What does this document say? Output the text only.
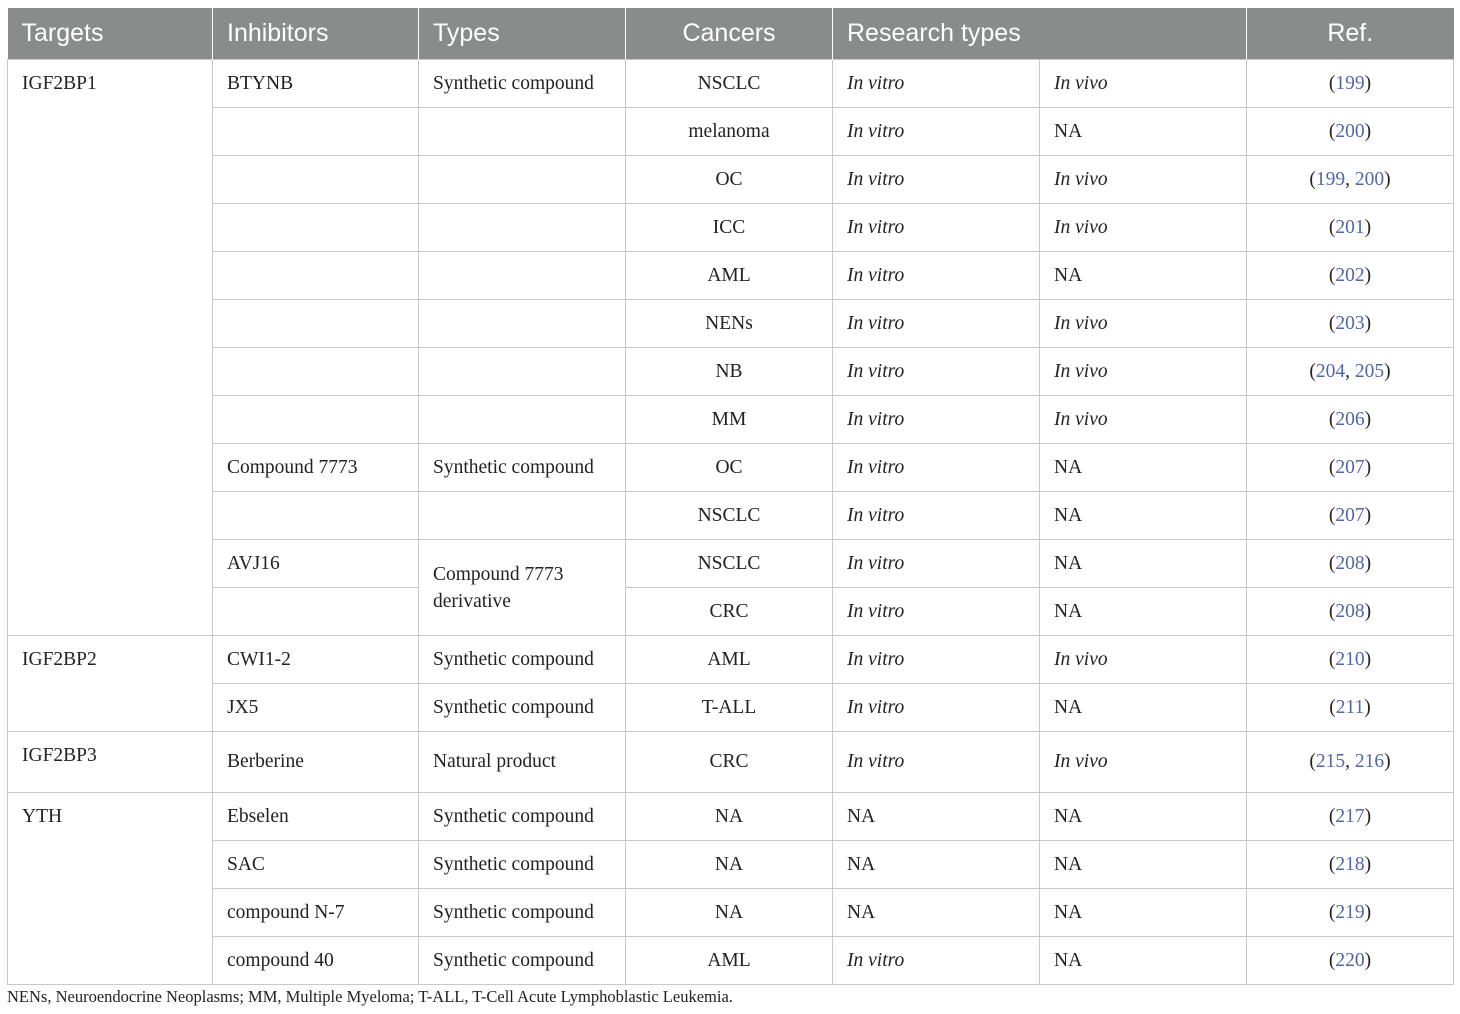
Targets	Inhibitors	Types	Cancers	Research types		Ref.
IGF2BP1	BTYNB	Synthetic compound	NSCLC	In vitro	In vivo	(199)
			melanoma	In vitro	NA	(200)
			OC	In vitro	In vivo	(199, 200)
			ICC	In vitro	In vivo	(201)
			AML	In vitro	NA	(202)
			NENs	In vitro	In vivo	(203)
			NB	In vitro	In vivo	(204, 205)
			MM	In vitro	In vivo	(206)
	Compound 7773	Synthetic compound	OC	In vitro	NA	(207)
			NSCLC	In vitro	NA	(207)
	AVJ16	Compound 7773 derivative	NSCLC	In vitro	NA	(208)
			CRC	In vitro	NA	(208)
IGF2BP2	CWI1-2	Synthetic compound	AML	In vitro	In vivo	(210)
	JX5	Synthetic compound	T-ALL	In vitro	NA	(211)
IGF2BP3	Berberine	Natural product	CRC	In vitro	In vivo	(215, 216)
YTH	Ebselen	Synthetic compound	NA	NA	NA	(217)
	SAC	Synthetic compound	NA	NA	NA	(218)
	compound N-7	Synthetic compound	NA	NA	NA	(219)
	compound 40	Synthetic compound	AML	In vitro	NA	(220)
NENs, Neuroendocrine Neoplasms; MM, Multiple Myeloma; T-ALL, T-Cell Acute Lymphoblastic Leukemia.
